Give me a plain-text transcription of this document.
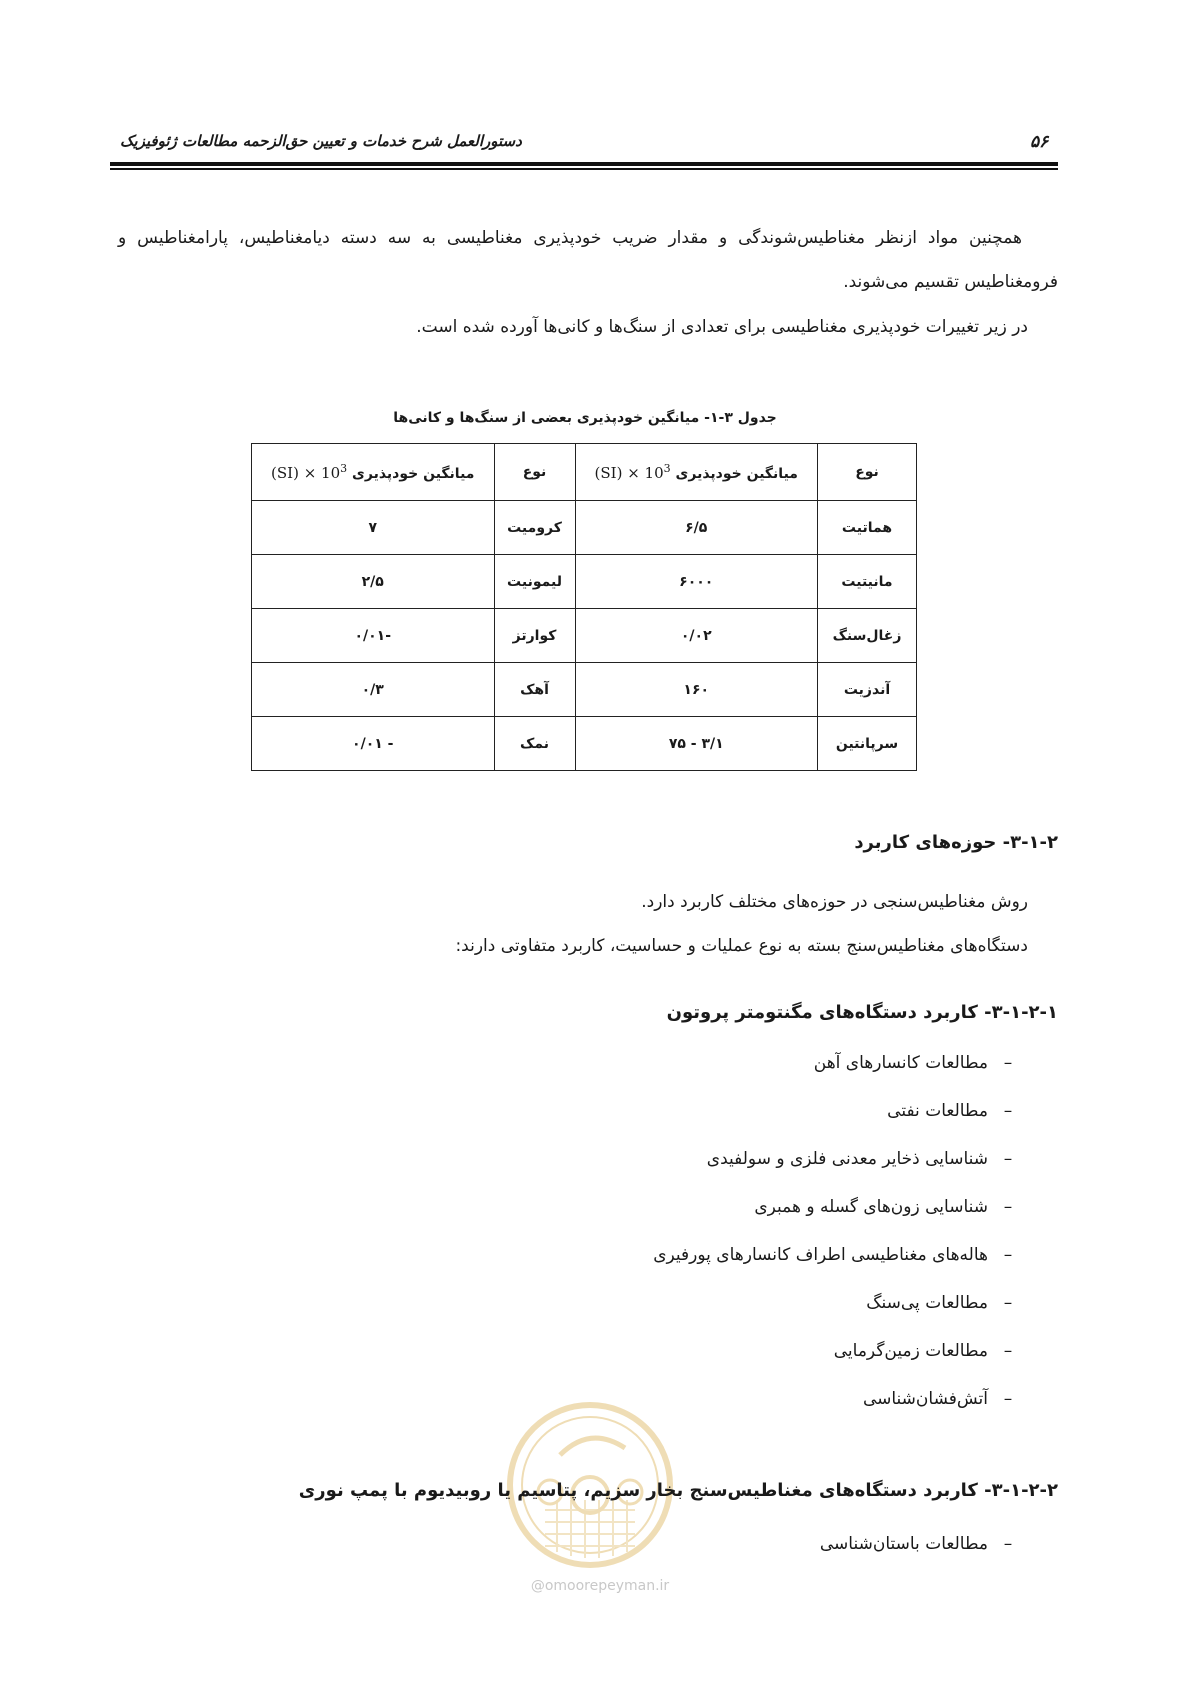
۵۶
دستورالعمل شرح خدمات و تعیین حق‌الزحمه مطالعات ژئوفیزیک

همچنین مواد ازنظر مغناطیس‌شوندگی و مقدار ضریب خودپذیری مغناطیسی به سه دسته دیامغناطیس، پارامغناطیس و فرومغناطیس تقسیم می‌شوند.

در زیر تغییرات خودپذیری مغناطیسی برای تعدادی از سنگ‌ها و کانی‌ها آورده شده است.

جدول ۳-۱- میانگین خودپذیری بعضی از سنگ‌ها و کانی‌ها
نوع	میانگین خودپذیری $(SI) \times 10^3$	نوع	میانگین خودپذیری $(SI) \times 10^3$
هماتیت	۶/۵	کرومیت	۷
مانیتیت	۶۰۰۰	لیمونیت	۲/۵
زغال‌سنگ	۰/۰۲	کوارتز	-۰/۰۱
آندزیت	۱۶۰	آهک	۰/۳
سرپانتین	۳/۱ - ۷۵	نمک	- ۰/۰۱
۳-۱-۲- حوزه‌های کاربرد
روش مغناطیس‌سنجی در حوزه‌های مختلف کاربرد دارد.
دستگاه‌های مغناطیس‌سنج بسته به نوع عملیات و حساسیت، کاربرد متفاوتی دارند:
۳-۱-۲-۱- کاربرد دستگاه‌های مگنتومتر پروتون
–مطالعات کانسارهای آهن
–مطالعات نفتی
–شناسایی ذخایر معدنی فلزی و سولفیدی
–شناسایی زون‌های گسله و همبری
–هاله‌های مغناطیسی اطراف کانسارهای پورفیری
–مطالعات پی‌سنگ
–مطالعات زمین‌گرمایی
–آتش‌فشان‌شناسی
@omoorepeyman.ir
۳-۱-۲-۲- کاربرد دستگاه‌های مغناطیس‌سنج بخار سزیم، پتاسیم یا روبیدیوم با پمپ نوری
–مطالعات باستان‌شناسی
